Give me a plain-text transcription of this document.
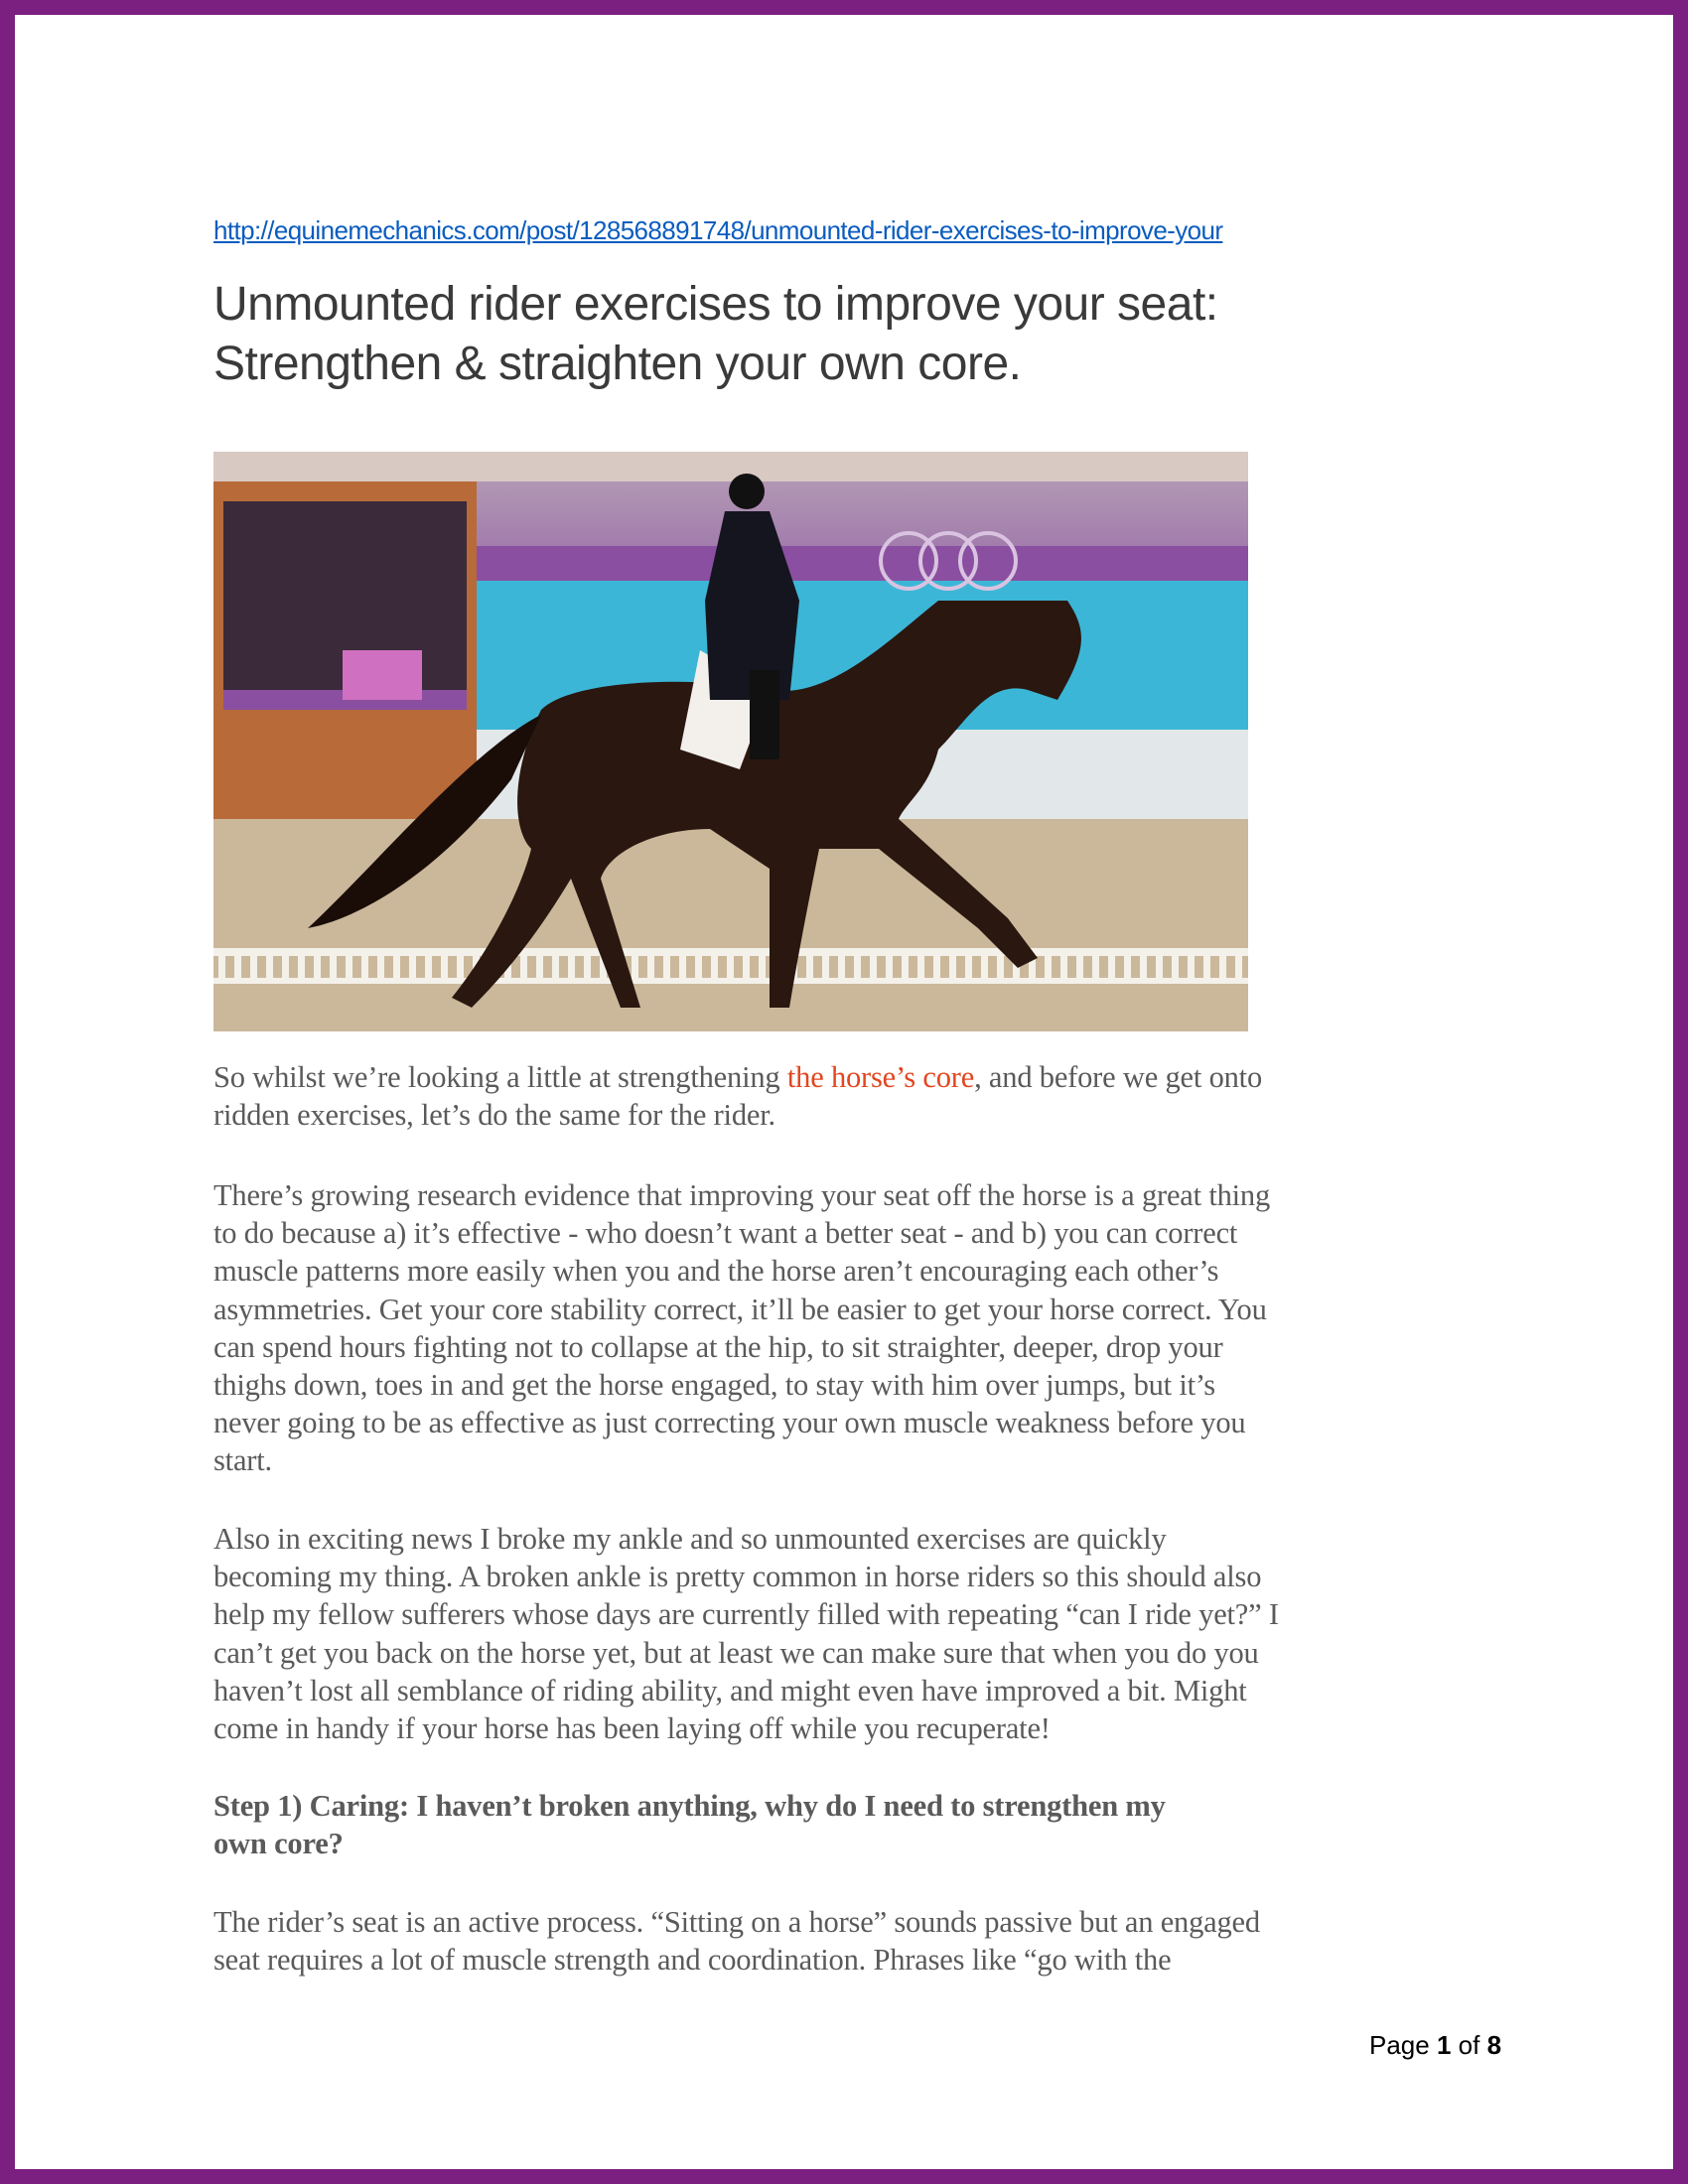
http://equinemechanics.com/post/128568891748/unmounted-rider-exercises-to-improve-your
Unmounted rider exercises to improve your seat:
Strengthen & straighten your own core.
So whilst we’re looking a little at strengthening the horse’s core, and before we get onto
ridden exercises, let’s do the same for the rider.
There’s growing research evidence that improving your seat off the horse is a great thing
to do because a) it’s effective - who doesn’t want a better seat - and b) you can correct
muscle patterns more easily when you and the horse aren’t encouraging each other’s
asymmetries. Get your core stability correct, it’ll be easier to get your horse correct. You
can spend hours fighting not to collapse at the hip, to sit straighter, deeper, drop your
thighs down, toes in and get the horse engaged, to stay with him over jumps, but it’s
never going to be as effective as just correcting your own muscle weakness before you
start.
Also in exciting news I broke my ankle and so unmounted exercises are quickly
becoming my thing. A broken ankle is pretty common in horse riders so this should also
help my fellow sufferers whose days are currently filled with repeating “can I ride yet?” I
can’t get you back on the horse yet, but at least we can make sure that when you do you
haven’t lost all semblance of riding ability, and might even have improved a bit. Might
come in handy if your horse has been laying off while you recuperate!
Step 1) Caring: I haven’t broken anything, why do I need to strengthen my
own core?
The rider’s seat is an active process. “Sitting on a horse” sounds passive but an engaged
seat requires a lot of muscle strength and coordination. Phrases like “go with the
Page 1 of 8
